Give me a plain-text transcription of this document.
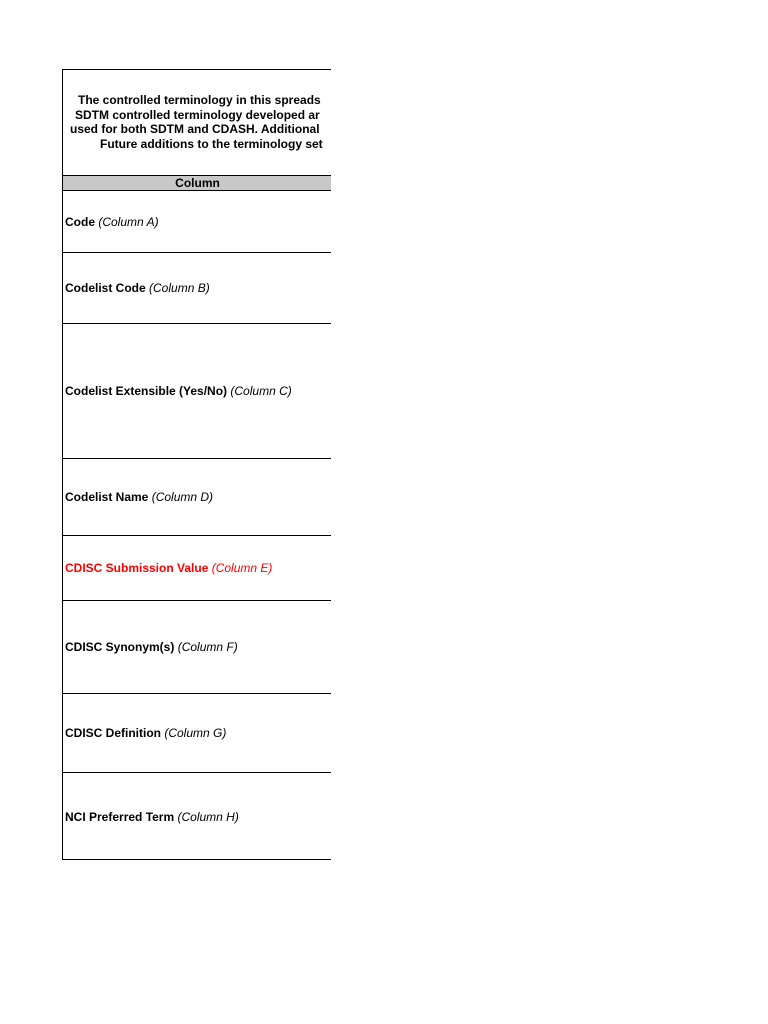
The controlled terminology in this spreads
SDTM controlled terminology developed ar
used for both SDTM and CDASH. Additional
Future additions to the terminology set
Column
Code (Column A)
Codelist Code (Column B)
Codelist Extensible (Yes/No) (Column C)
Codelist Name (Column D)
CDISC Submission Value (Column E)
CDISC Synonym(s) (Column F)
CDISC Definition (Column G)
NCI Preferred Term (Column H)
